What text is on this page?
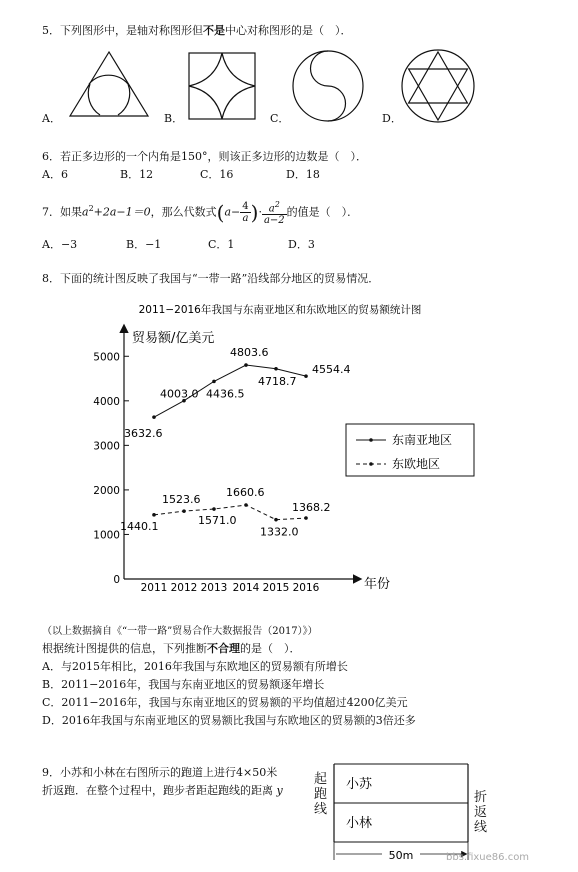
5．下列图形中，是轴对称图形但不是中心对称图形的是（　）．
A．	B．	C．	D．
6．若正多边形的一个内角是150°，则该正多边形的边数是（　）．
A．6	B．12	C．16	D．18
7．如果$a^2+2a-1=0$，那么代数式($a- \frac{4}{a}$ )· $\frac{a^2}{a-2}$ 的值是（　）．
A．−3	B．−1	C．1	D．3
8．下面的统计图反映了我国与“一带一路”沿线部分地区的贸易情况．
2011−2016年我国与东南亚地区和东欧地区的贸易额统计图
贸易额/亿美元
年份
0
1000
2000
3000
4000
5000
2011 2012 2013 2014 2015 2016
3632.6
4003.0 4436.5
4803.6
4718.7
4554.4
1440.1
1523.6
1571.0
1660.6
1332.0
1368.2
东南亚地区
东欧地区
（以上数据摘自《“一带一路”贸易合作大数据报告（2017）》）
根据统计图提供的信息，下列推断不合理的是（　）．
A．与2015年相比，2016年我国与东欧地区的贸易额有所增长
B．2011−2016年，我国与东南亚地区的贸易额逐年增长
C．2011−2016年，我国与东南亚地区的贸易额的平均值超过4200亿美元
D．2016年我国与东南亚地区的贸易额比我国与东欧地区的贸易额的3倍还多
9．小苏和小林在右图所示的跑道上进行4×50米
折返跑．在整个过程中，跑步者距起跑线的距离 y
50m
小苏
小林
起跑线
折返线
bbs.fixue86.com
